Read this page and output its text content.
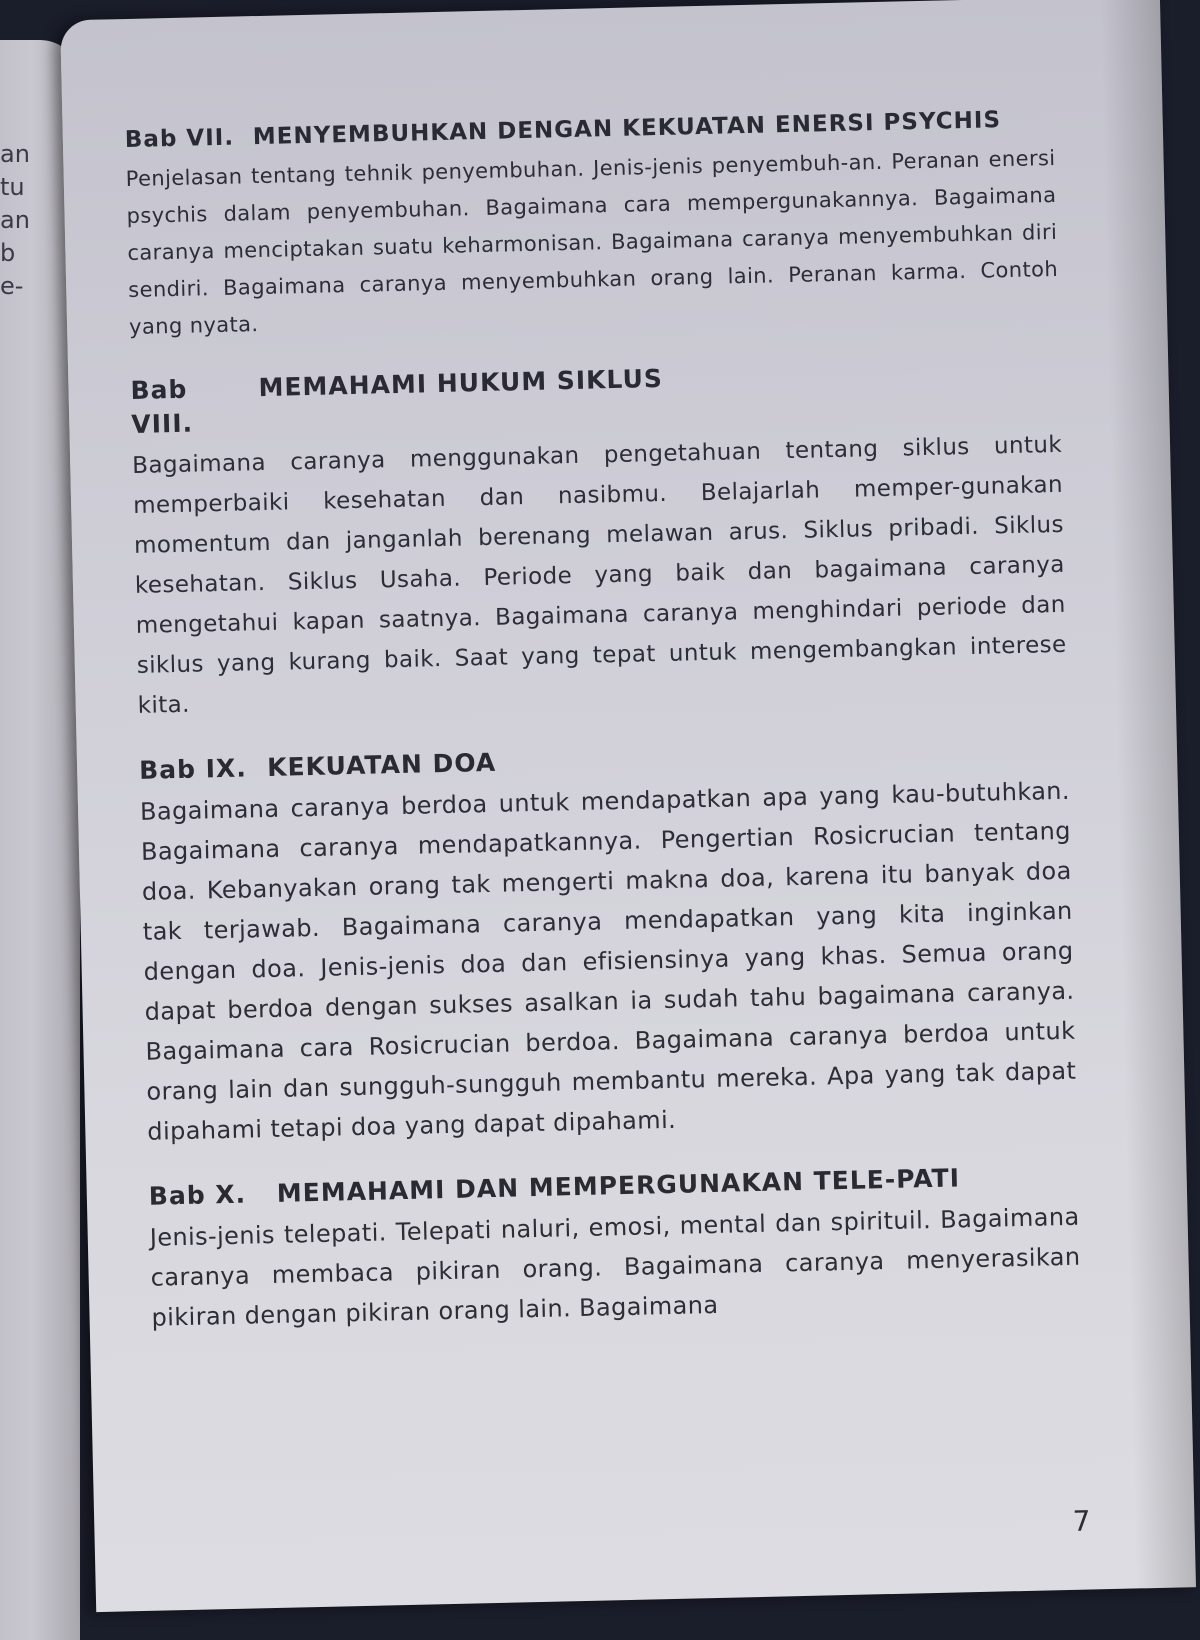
an
tu
an
b
e-
Bab VII. MENYEMBUHKAN DENGAN KEKUATAN ENERSI PSYCHIS

Penjelasan tentang tehnik penyembuhan. Jenis-jenis penyembuh-an. Peranan enersi psychis dalam penyembuhan. Bagaimana cara mempergunakannya. Bagaimana caranya menciptakan suatu keharmonisan. Bagaimana caranya menyembuhkan diri sendiri. Bagaimana caranya menyembuhkan orang lain. Peranan karma. Contoh yang nyata.

Bab VIII.
MEMAHAMI HUKUM SIKLUS

Bagaimana caranya menggunakan pengetahuan tentang siklus untuk memperbaiki kesehatan dan nasibmu. Belajarlah memper-gunakan momentum dan janganlah berenang melawan arus. Siklus pribadi. Siklus kesehatan. Siklus Usaha. Periode yang baik dan bagaimana caranya mengetahui kapan saatnya. Bagaimana caranya menghindari periode dan siklus yang kurang baik. Saat yang tepat untuk mengembangkan interese kita.

Bab IX. KEKUATAN DOA

Bagaimana caranya berdoa untuk mendapatkan apa yang kau-butuhkan. Bagaimana caranya mendapatkannya. Pengertian Rosicrucian tentang doa. Kebanyakan orang tak mengerti makna doa, karena itu banyak doa tak terjawab. Bagaimana caranya mendapatkan yang kita inginkan dengan doa. Jenis-jenis doa dan efisiensinya yang khas. Semua orang dapat berdoa dengan sukses asalkan ia sudah tahu bagaimana caranya. Bagaimana cara Rosicrucian berdoa. Bagaimana caranya berdoa untuk orang lain dan sungguh-sungguh membantu mereka. Apa yang tak dapat dipahami tetapi doa yang dapat dipahami.

Bab X.	MEMAHAMI DAN MEMPERGUNAKAN TELE-PATI

Jenis-jenis telepati. Telepati naluri, emosi, mental dan spirituil. Bagaimana caranya membaca pikiran orang. Bagaimana caranya menyerasikan pikiran dengan pikiran orang lain. Bagaimana

7
